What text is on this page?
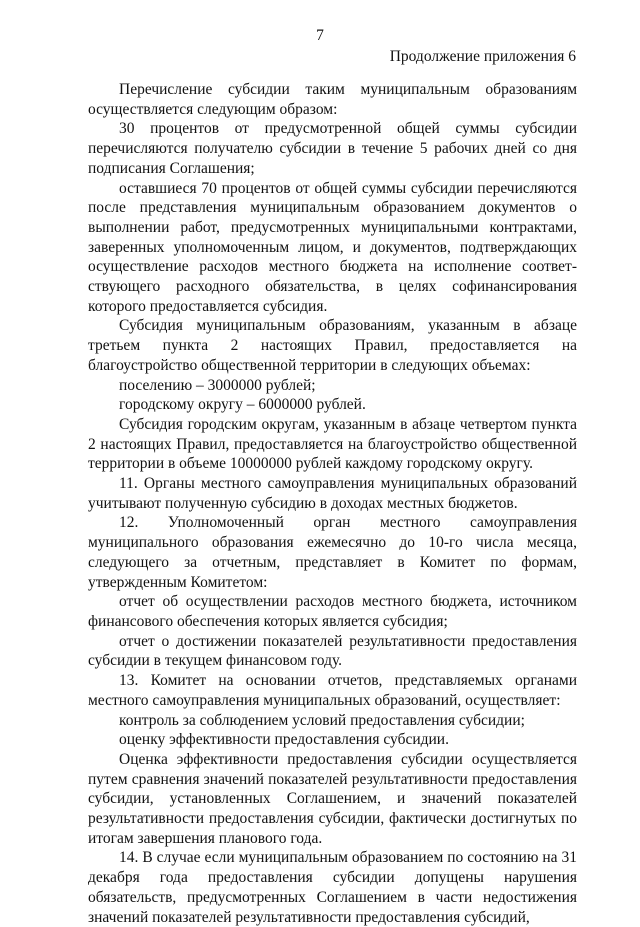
7
Продолжение приложения 6

Перечисление субсидии таким муниципальным образованиям осуществляется следующим образом:

30 процентов от предусмотренной общей суммы субсидии перечисляются получателю субсидии в течение 5 рабочих дней со дня подписания Соглашения;

оставшиеся 70 процентов от общей суммы субсидии перечисляются после представления муниципальным образованием документов о выполнении работ, предусмотренных муниципальными контрактами, заверенных уполномоченным лицом, и документов, подтверждающих осуществление расходов местного бюджета на исполнение соответствующего расходного обязательства, в целях софинансирования которого предоставляется субсидия.

Субсидия муниципальным образованиям, указанным в абзаце третьем пункта 2 настоящих Правил, предоставляется на благоустройство общественной территории в следующих объемах:

поселению – 3000000 рублей;

городскому округу – 6000000 рублей.

Субсидия городским округам, указанным в абзаце четвертом пункта 2 настоящих Правил, предоставляется на благоустройство общественной территории в объеме 10000000 рублей каждому городскому округу.

11. Органы местного самоуправления муниципальных образований учитывают полученную субсидию в доходах местных бюджетов.

12. Уполномоченный орган местного самоуправления муниципального образования ежемесячно до 10-го числа месяца, следующего за отчетным, представляет в Комитет по формам, утвержденным Комитетом:

отчет об осуществлении расходов местного бюджета, источником финансового обеспечения которых является субсидия;

отчет о достижении показателей результативности предоставления субсидии в текущем финансовом году.

13. Комитет на основании отчетов, представляемых органами местного самоуправления муниципальных образований, осуществляет:

контроль за соблюдением условий предоставления субсидии;

оценку эффективности предоставления субсидии.

Оценка эффективности предоставления субсидии осуществляется путем сравнения значений показателей результативности предоставления субсидии, установленных Соглашением, и значений показателей результативности предоставления субсидии, фактически достигнутых по итогам завершения планового года.

14. В случае если муниципальным образованием по состоянию на 31 декабря года предоставления субсидии допущены нарушения обязательств, предусмотренных Соглашением в части недостижения значений показателей результативности предоставления субсидий,
